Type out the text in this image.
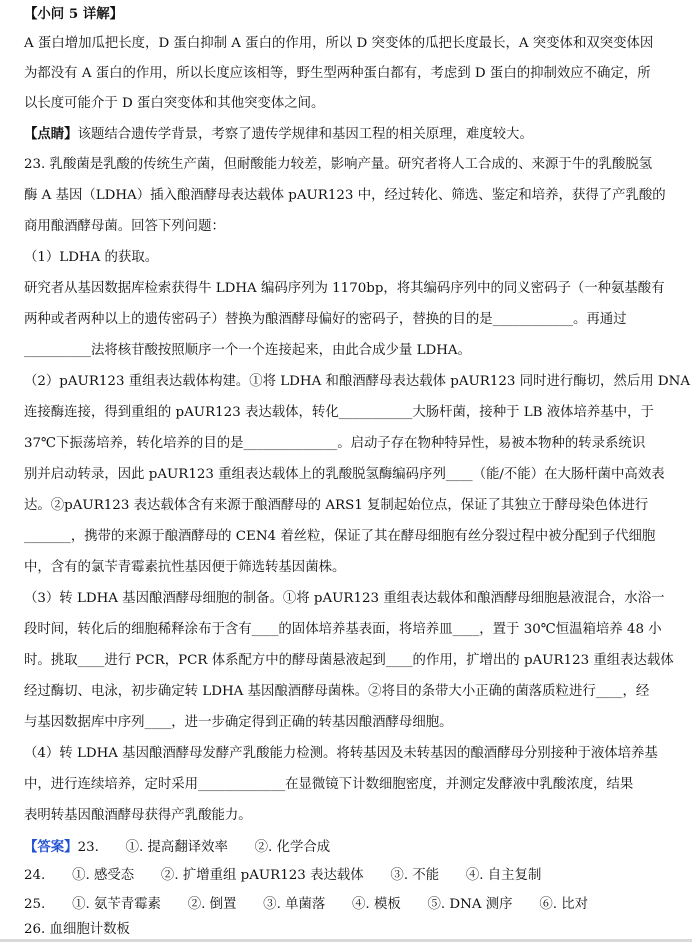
【小问 5 详解】
A 蛋白增加瓜把长度，D 蛋白抑制 A 蛋白的作用，所以 D 突变体的瓜把长度最长，A 突变体和双突变体因
为都没有 A 蛋白的作用，所以长度应该相等，野生型两种蛋白都有，考虑到 D 蛋白的抑制效应不确定，所
以长度可能介于 D 蛋白突变体和其他突变体之间。
【点睛】该题结合遗传学背景，考察了遗传学规律和基因工程的相关原理，难度较大。
23. 乳酸菌是乳酸的传统生产菌，但耐酸能力较差，影响产量。研究者将人工合成的、来源于牛的乳酸脱氢
酶 A 基因（LDHA）插入酿酒酵母表达载体 pAUR123 中，经过转化、筛选、鉴定和培养，获得了产乳酸的
商用酿酒酵母菌。回答下列问题：
（1）LDHA 的获取。
研究者从基因数据库检索获得牛 LDHA 编码序列为 1170bp，将其编码序列中的同义密码子（一种氨基酸有
两种或者两种以上的遗传密码子）替换为酿酒酵母偏好的密码子，替换的目的是____________。再通过
__________法将核苷酸按照顺序一个一个连接起来，由此合成少量 LDHA。
（2）pAUR123 重组表达载体构建。①将 LDHA 和酿酒酵母表达载体 pAUR123 同时进行酶切，然后用 DNA
连接酶连接，得到重组的 pAUR123 表达载体，转化___________大肠杆菌，接种于 LB 液体培养基中，于
37℃下振荡培养，转化培养的目的是______________。启动子存在物种特异性，易被本物种的转录系统识
别并启动转录，因此 pAUR123 重组表达载体上的乳酸脱氢酶编码序列____（能/不能）在大肠杆菌中高效表
达。②pAUR123 表达载体含有来源于酿酒酵母的 ARS1 复制起始位点，保证了其独立于酵母染色体进行
_______，携带的来源于酿酒酵母的 CEN4 着丝粒，保证了其在酵母细胞有丝分裂过程中被分配到子代细胞
中，含有的氯苄青霉素抗性基因便于筛选转基因菌株。
（3）转 LDHA 基因酿酒酵母细胞的制备。①将 pAUR123 重组表达载体和酿酒酵母细胞悬液混合，水浴一
段时间，转化后的细胞稀释涂布于含有____的固体培养基表面，将培养皿____，置于 30℃恒温箱培养 48 小
时。挑取____进行 PCR，PCR 体系配方中的酵母菌悬液起到____的作用，扩增出的 pAUR123 重组表达载体
经过酶切、电泳，初步确定转 LDHA 基因酿酒酵母菌株。②将目的条带大小正确的菌落质粒进行____，经
与基因数据库中序列____，进一步确定得到正确的转基因酿酒酵母细胞。
（4）转 LDHA 基因酿酒酵母发酵产乳酸能力检测。将转基因及未转基因的酿酒酵母分别接种于液体培养基
中，进行连续培养，定时采用_____________在显微镜下计数细胞密度，并测定发酵液中乳酸浓度，结果
表明转基因酿酒酵母获得产乳酸能力。
【答案】23.　　①. 提高翻译效率　　②. 化学合成
24.　　①. 感受态　　②. 扩增重组 pAUR123 表达载体　　③. 不能　　④. 自主复制
25.　　①. 氨苄青霉素　　②. 倒置　　③. 单菌落　　④. 模板　　⑤. DNA 测序　　⑥. 比对
26. 血细胞计数板
